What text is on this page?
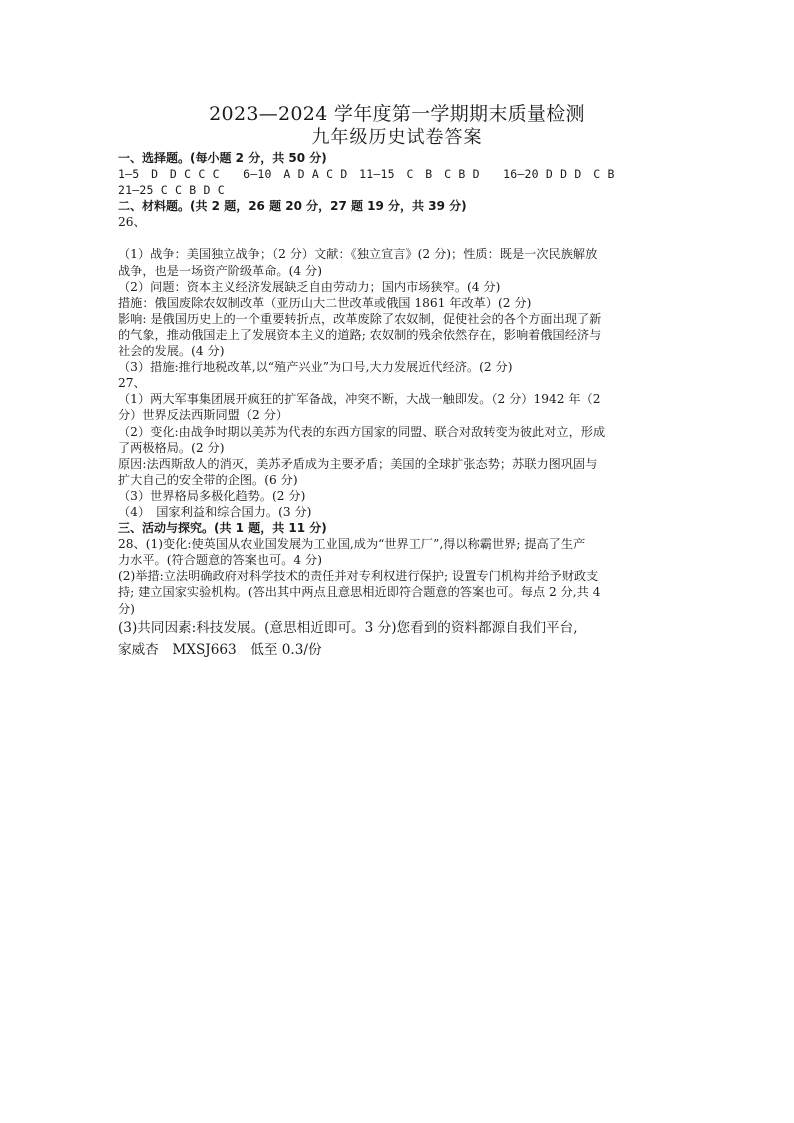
2023—2024 学年度第一学期期末质量检测
九年级历史试卷答案
一、选择题。(每小题 2 分，共 50 分)
1—5　D　D C C C　　6—10　A D A C D　11—15　C　B　C B D　　16—20 D D D　C B
21—25 C C B D C
二、材料题。(共 2 题，26 题 20 分，27 题 19 分，共 39 分)
26、
（1）战争：美国独立战争；（2 分）文献：《独立宣言》(2 分)；性质：既是一次民族解放
战争，也是一场资产阶级革命。(4 分)
（2）问题：资本主义经济发展缺乏自由劳动力；国内市场狭窄。(4 分)
措施：俄国废除农奴制改革（亚历山大二世改革或俄国 1861 年改革）(2 分)
影响: 是俄国历史上的一个重要转折点，改革废除了农奴制，促使社会的各个方面出现了新
的气象，推动俄国走上了发展资本主义的道路; 农奴制的残余依然存在，影响着俄国经济与
社会的发展。(4 分)
（3）措施:推行地税改革,以“殖产兴业”为口号,大力发展近代经济。(2 分)
27、
（1）两大军事集团展开疯狂的扩军备战，冲突不断，大战一触即发。（2 分）1942 年（2
分）世界反法西斯同盟（2 分）
（2）变化:由战争时期以美苏为代表的东西方国家的同盟、联合对敌转变为彼此对立，形成
了两极格局。(2 分)
原因:法西斯敌人的消灭，美苏矛盾成为主要矛盾；美国的全球扩张态势；苏联力图巩固与
扩大自己的安全带的企图。(6 分)
（3）世界格局多极化趋势。(2 分)
（4）　国家利益和综合国力。(3 分)
三、活动与探究。(共 1 题，共 11 分)
28、(1)变化:使英国从农业国发展为工业国,成为“世界工厂”,得以称霸世界; 提高了生产
力水平。(符合题意的答案也可。4 分)
(2)举措:立法明确政府对科学技术的责任并对专利权进行保护; 设置专门机构并给予财政支
持; 建立国家实验机构。(答出其中两点且意思相近即符合题意的答案也可。每点 2 分,共 4
分)
(3)共同因素:科技发展。(意思相近即可。3 分)您看到的资料都源自我们平台,
家威杏　MXSJ663　低至 0.3/份
